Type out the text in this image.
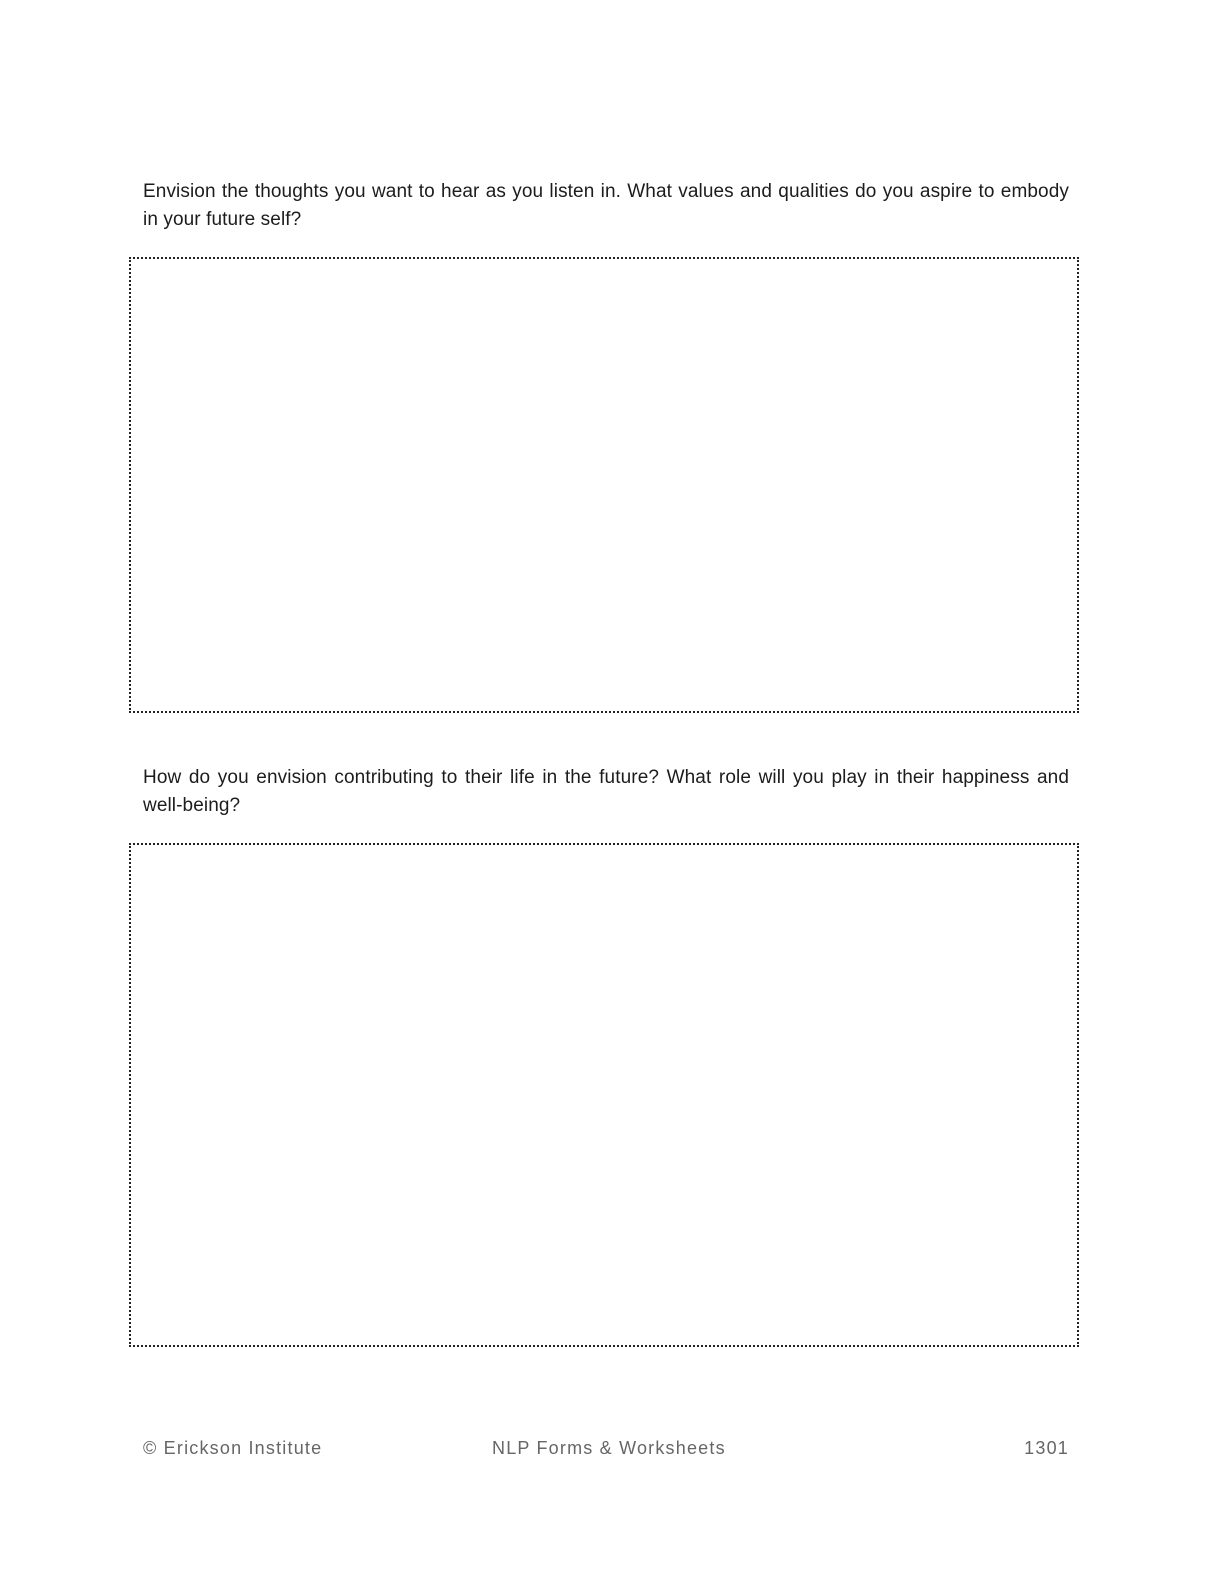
Envision the thoughts you want to hear as you listen in. What values and qualities do you aspire to embody in your future self?

How do you envision contributing to their life in the future? What role will you play in their happiness and well-being?

© Erickson Institute	NLP Forms & Worksheets	1301
